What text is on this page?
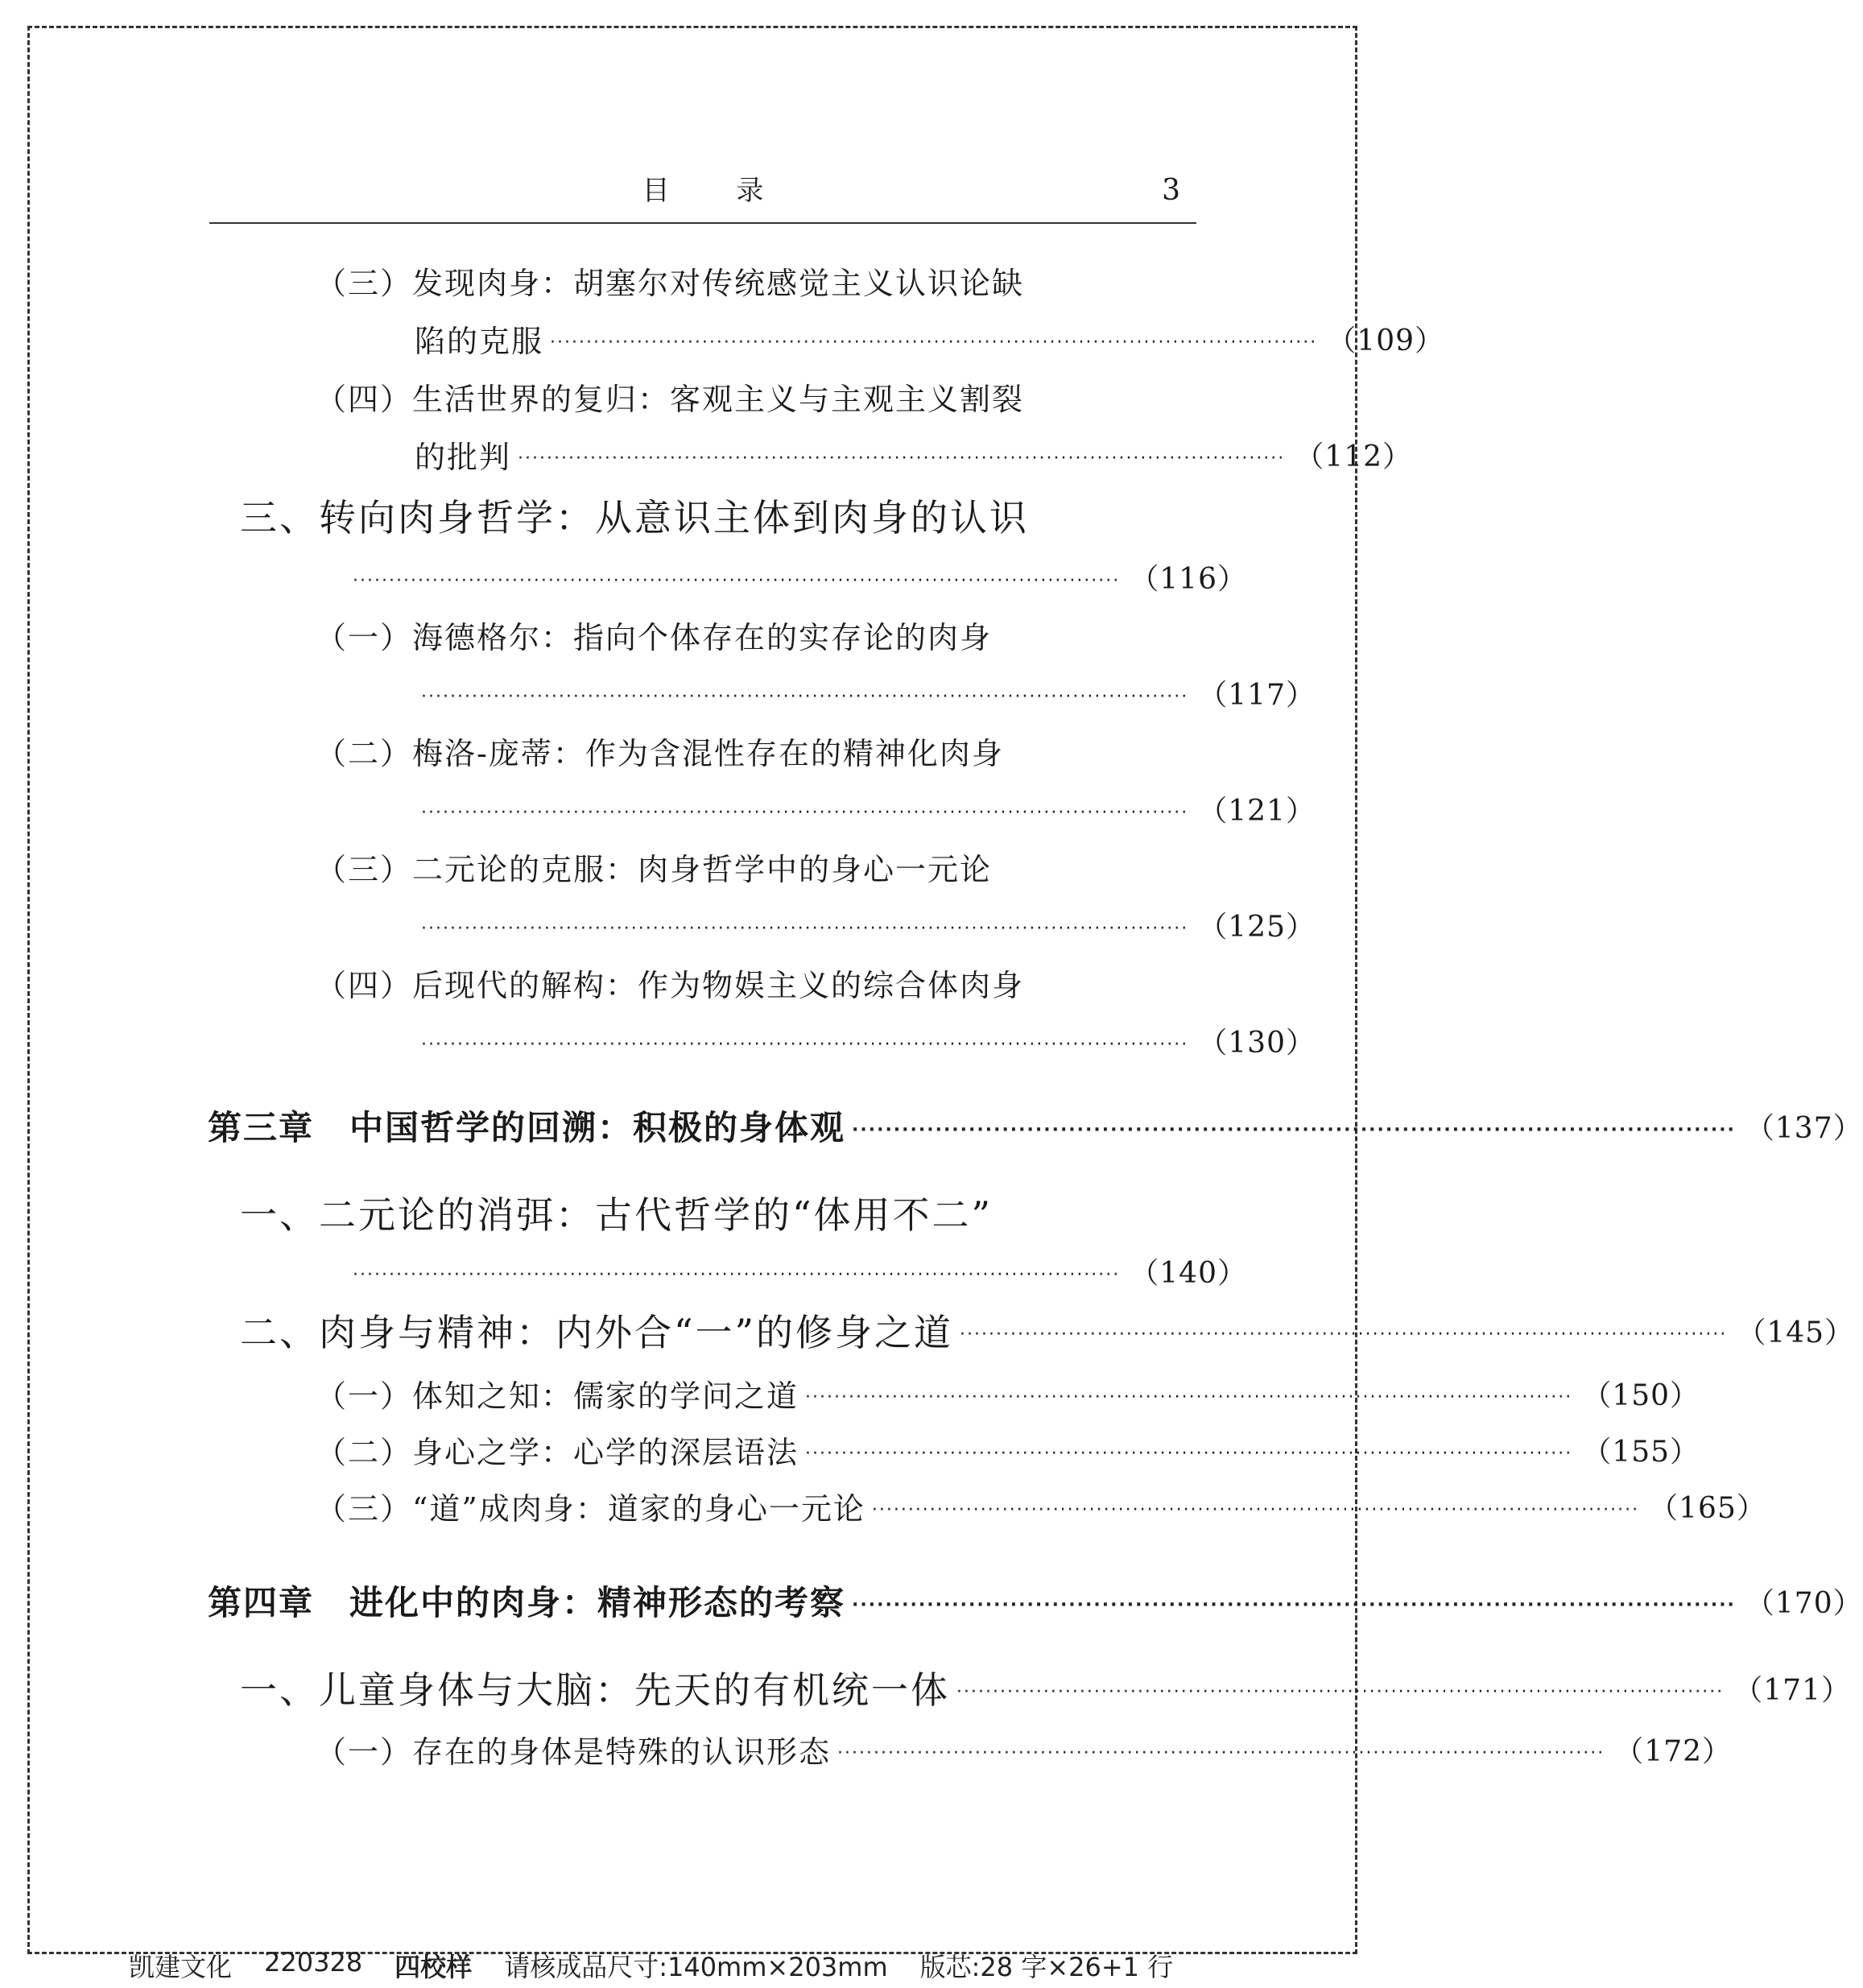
目 录	3
（三）发现肉身：胡塞尔对传统感觉主义认识论缺
陷的克服 ·········································································································· （109）
（四）生活世界的复归：客观主义与主观主义割裂
的批判 ·········································································································· （112）
三、转向肉身哲学：从意识主体到肉身的认识
·········································································································· （116）
（一）海德格尔：指向个体存在的实存论的肉身
·········································································································· （117）
（二）梅洛-庞蒂：作为含混性存在的精神化肉身
·········································································································· （121）
（三）二元论的克服：肉身哲学中的身心一元论
·········································································································· （125）
（四）后现代的解构：作为物娱主义的综合体肉身
·········································································································· （130）
第三章　中国哲学的回溯：积极的身体观 ·········································································································· （137）
一、二元论的消弭：古代哲学的“体用不二”
·········································································································· （140）
二、肉身与精神：内外合“一”的修身之道 ·········································································································· （145）
（一）体知之知：儒家的学问之道 ·········································································································· （150）
（二）身心之学：心学的深层语法 ·········································································································· （155）
（三）“道”成肉身：道家的身心一元论 ·········································································································· （165）
第四章　进化中的肉身：精神形态的考察 ·········································································································· （170）
一、儿童身体与大脑：先天的有机统一体 ·········································································································· （171）
（一）存在的身体是特殊的认识形态 ·········································································································· （172）
凯建文化 220328 四校样 请核成品尺寸:140mm×203mm 版芯:28 字×26+1 行
